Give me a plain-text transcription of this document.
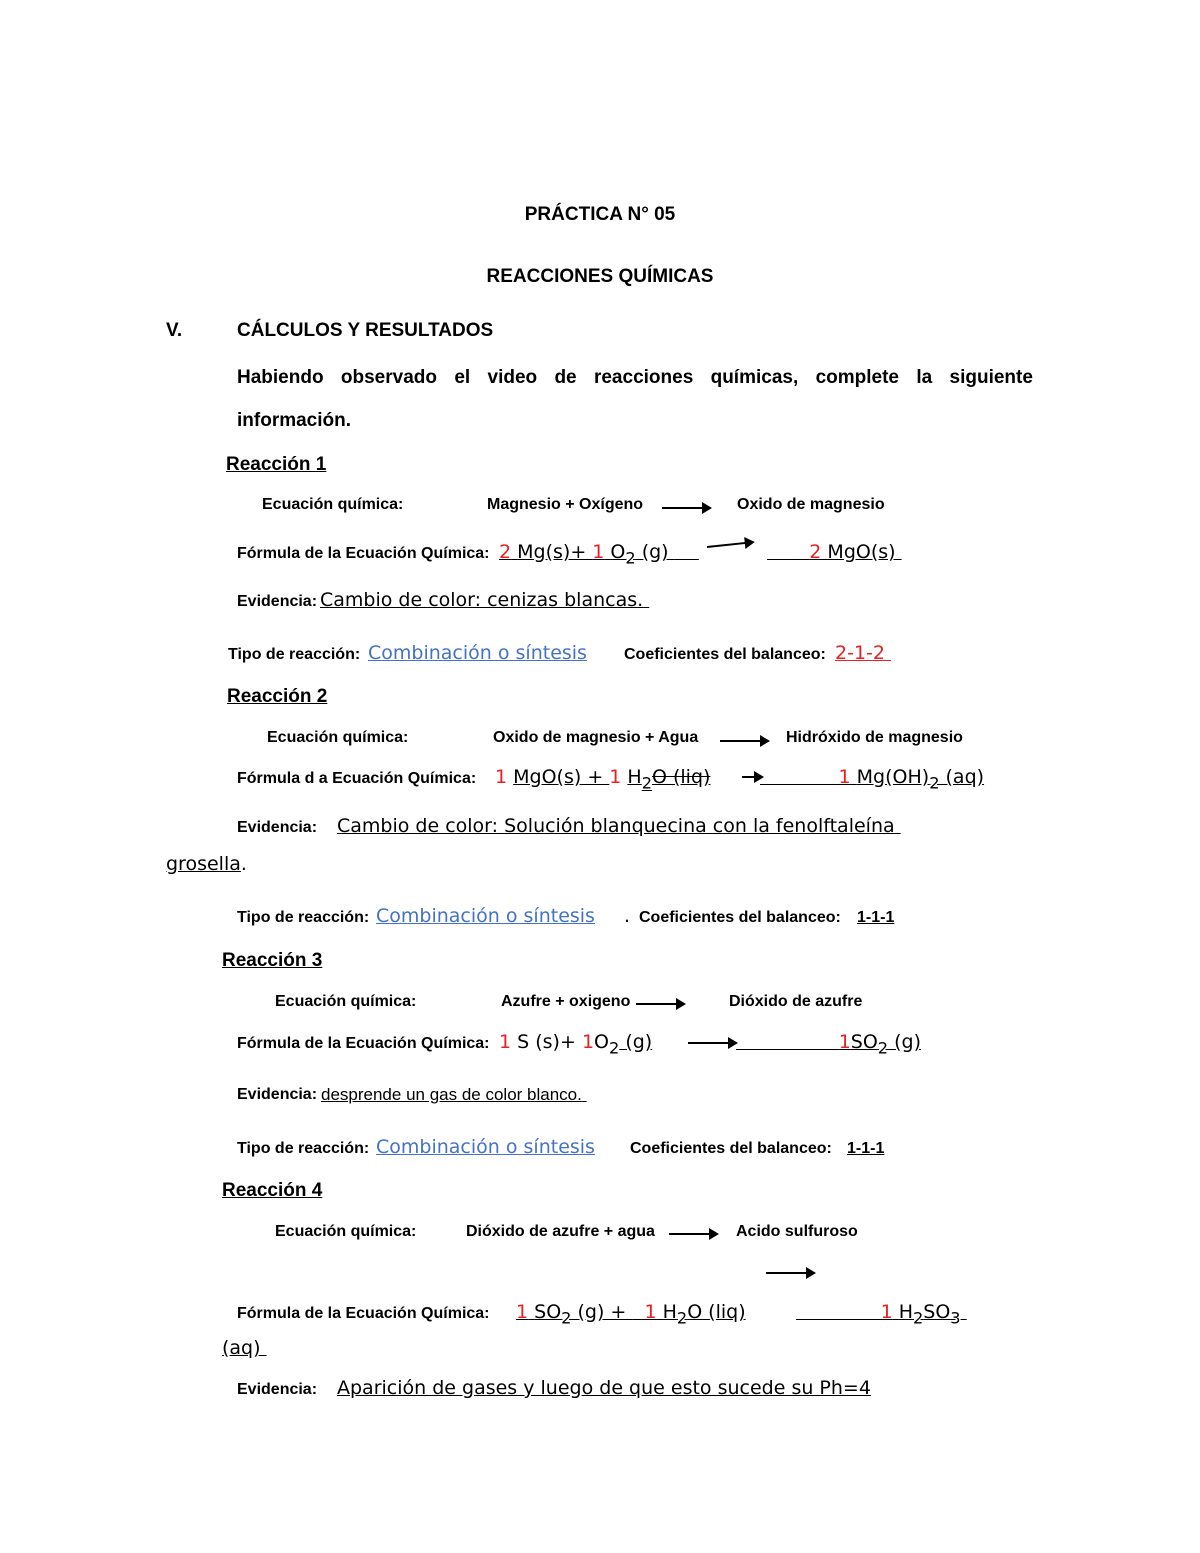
PRÁCTICA N° 05
REACCIONES QUÍMICAS
V.	CÁLCULOS Y RESULTADOS
Habiendo observado el video de reacciones químicas, complete la siguiente
información.
Reacción 1
Ecuación química:	Magnesio + Oxígeno	Oxido de magnesio
Fórmula de la Ecuación Química: 2 Mg(s)+ 1 $O_2$ (g)	2 MgO(s)
Evidencia: Cambio de color: cenizas blancas.
Tipo de reacción: Combinación o síntesis Coeficientes del balanceo: 2-1-2
Reacción 2
Ecuación química:	Oxido de magnesio + Agua	Hidróxido de magnesio
Fórmula d a Ecuación Química: 1 MgO(s) + 1 $H_2O$ (liq)	1 $Mg(OH)_2$ (aq)
Evidencia: Cambio de color: Solución blanquecina con la fenolftaleína
grosella.
Tipo de reacción: Combinación o síntesis . Coeficientes del balanceo: 1-1-1
Reacción 3
Ecuación química:	Azufre + oxigeno	Dióxido de azufre
Fórmula de la Ecuación Química: 1 S $(s)+ 1O_2$ (g)	$1SO_2$ (g)
Evidencia: desprende un gas de color blanco.
Tipo de reacción: Combinación o síntesis Coeficientes del balanceo: 1-1-1
Reacción 4
Ecuación química:	Dióxido de azufre + agua	Acido sulfuroso
Fórmula de la Ecuación Química: 1 $SO_2$ (g) +   1 $H_2O$ (liq)	1 $H_2SO_3$
(aq)
Evidencia: Aparición de gases y luego de que esto sucede su Ph=4
